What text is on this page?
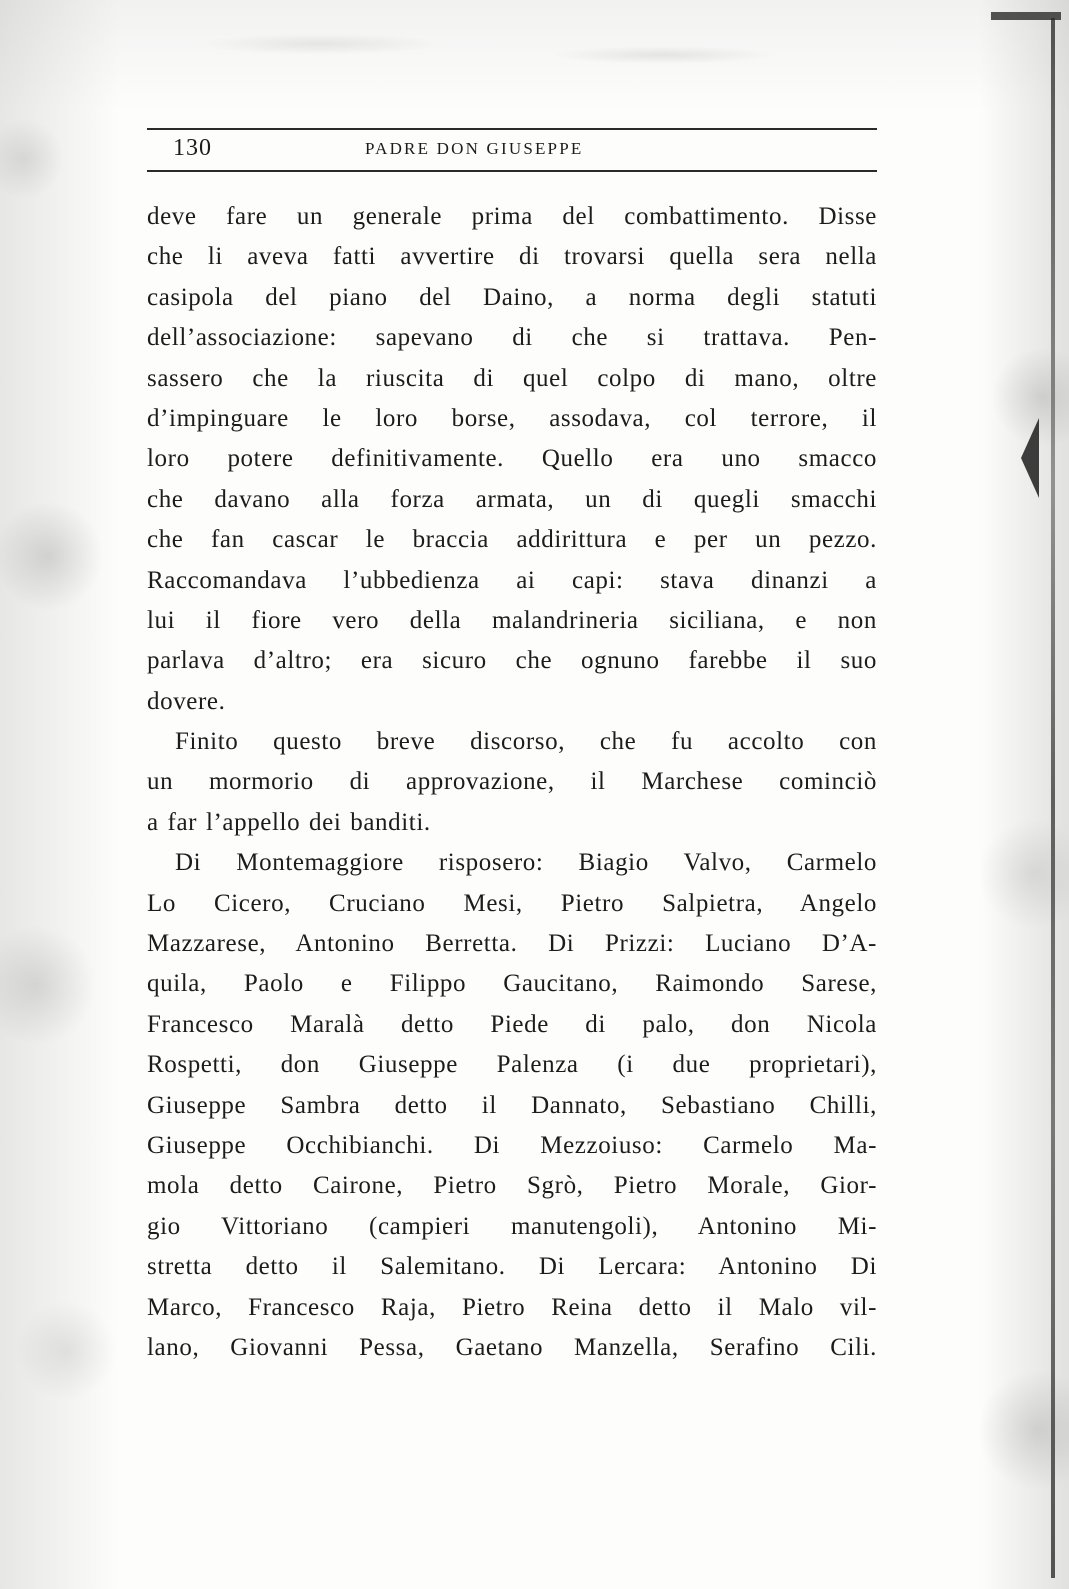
130	PADRE DON GIUSEPPE
deve fare un generale prima del combattimento. Disse
che li aveva fatti avvertire di trovarsi quella sera nella
casipola del piano del Daino, a norma degli statuti
dell’associazione: sapevano di che si trattava. Pen-
sassero che la riuscita di quel colpo di mano, oltre
d’impinguare le loro borse, assodava, col terrore, il
loro potere definitivamente. Quello era uno smacco
che davano alla forza armata, un di quegli smacchi
che fan cascar le braccia addirittura e per un pezzo.
Raccomandava l’ubbedienza ai capi: stava dinanzi a
lui il fiore vero della malandrineria siciliana, e non
parlava d’altro; era sicuro che ognuno farebbe il suo
dovere.
Finito questo breve discorso, che fu accolto con
un mormorio di approvazione, il Marchese cominciò
a far l’appello dei banditi.
Di Montemaggiore risposero: Biagio Valvo, Carmelo
Lo Cicero, Cruciano Mesi, Pietro Salpietra, Angelo
Mazzarese, Antonino Berretta. Di Prizzi: Luciano D’A-
quila, Paolo e Filippo Gaucitano, Raimondo Sarese,
Francesco Maralà detto Piede di palo, don Nicola
Rospetti, don Giuseppe Palenza (i due proprietari),
Giuseppe Sambra detto il Dannato, Sebastiano Chilli,
Giuseppe Occhibianchi. Di Mezzoiuso: Carmelo Ma-
mola detto Cairone, Pietro Sgrò, Pietro Morale, Gior-
gio Vittoriano (campieri manutengoli), Antonino Mi-
stretta detto il Salemitano. Di Lercara: Antonino Di
Marco, Francesco Raja, Pietro Reina detto il Malo vil-
lano, Giovanni Pessa, Gaetano Manzella, Serafino Cili.
